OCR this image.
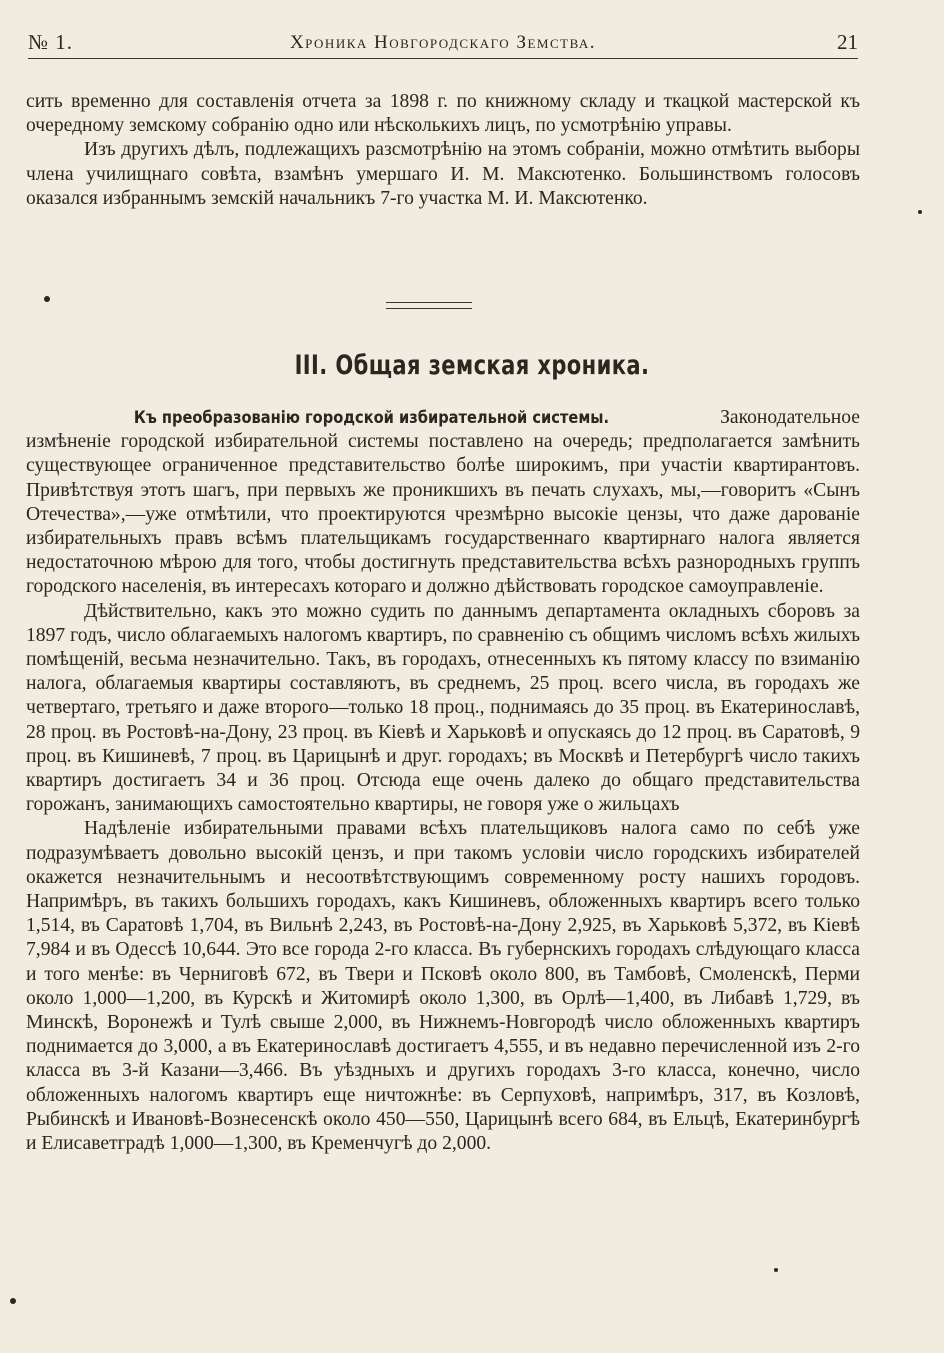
№ 1.	Хроника Новгородскаго Земства.	21

сить временно для составленія отчета за 1898 г. по книжному складу и ткацкой мастерской къ очередному земскому собранію одно или нѣсколькихъ лицъ, по усмотрѣнію управы.

Изъ другихъ дѣлъ, подлежащихъ разсмотрѣнію на этомъ собраніи, можно отмѣтить выборы члена училищнаго совѣта, взамѣнъ умершаго И. М. Максютенко. Большинствомъ голосовъ оказался избраннымъ земскій начальникъ 7-го участка М. И. Максютенко.

III. Общая земская хроника.

Къ преобразованію городской избирательной системы. Законодательное измѣненіе городской избирательной системы поставлено на очередь; предполагается замѣнить существующее ограниченное представительство болѣе широкимъ, при участіи квартирантовъ. Привѣтствуя этотъ шагъ, при первыхъ же проникшихъ въ печать слухахъ, мы,—говоритъ «Сынъ Отечества»,—уже отмѣтили, что проектируются чрезмѣрно высокіе цензы, что даже дарованіе избирательныхъ правъ всѣмъ плательщикамъ государственнаго квартирнаго налога является недостаточною мѣрою для того, чтобы достигнуть представительства всѣхъ разнородныхъ группъ городского населенія, въ интересахъ которaго и должно дѣйствовать городское самоуправленіе.

Дѣйствительно, какъ это можно судить по даннымъ департамента окладныхъ сборовъ за 1897 годъ, число облагаемыхъ налогомъ квартиръ, по сравненію съ общимъ числомъ всѣхъ жилыхъ помѣщеній, весьма незначительно. Такъ, въ городахъ, отнесенныхъ къ пятому классу по взиманію налога, облагаемыя квартиры составляютъ, въ среднемъ, 25 проц. всего числа, въ городахъ же четвертаго, третьяго и даже второго—только 18 проц., поднимаясь до 35 проц. въ Екатеринославѣ, 28 проц. въ Ростовѣ-на-Дону, 23 проц. въ Кіевѣ и Харьковѣ и опускаясь до 12 проц. въ Саратовѣ, 9 проц. въ Кишиневѣ, 7 проц. въ Царицынѣ и друг. городахъ; въ Москвѣ и Петербургѣ число такихъ квартиръ достигаетъ 34 и 36 проц. Отсюда еще очень далеко до общаго представительства горожанъ, занимающихъ самостоятельно квартиры, не говоря уже о жильцахъ

Надѣленіе избирательными правами всѣхъ плательщиковъ налога само по себѣ уже подразумѣваетъ довольно высокій цензъ, и при такомъ условіи число городскихъ избирателей окажется незначительнымъ и несоотвѣтствующимъ современному росту нашихъ городовъ. Напримѣръ, въ такихъ большихъ городахъ, какъ Кишиневъ, обложенныхъ квартиръ всего только 1,514, въ Саратовѣ 1,704, въ Вильнѣ 2,243, въ Ростовѣ-на-Дону 2,925, въ Харьковѣ 5,372, въ Кіевѣ 7,984 и въ Одессѣ 10,644. Это все города 2-го класса. Въ губернскихъ городахъ слѣдующаго класса и того менѣе: въ Черниговѣ 672, въ Твери и Псковѣ около 800, въ Тамбовѣ, Смоленскѣ, Перми около 1,000—1,200, въ Курскѣ и Житомирѣ около 1,300, въ Орлѣ—1,400, въ Либавѣ 1,729, въ Минскѣ, Воронежѣ и Тулѣ свыше 2,000, въ Нижнемъ-Новгородѣ число обложенныхъ квартиръ поднимается до 3,000, а въ Екатеринославѣ достигаетъ 4,555, и въ недавно перечисленной изъ 2-го класса въ 3-й Казани—3,466. Въ уѣздныхъ и другихъ городахъ 3-го класса, конечно, число обложенныхъ налогомъ квартиръ еще ничтожнѣе: въ Серпуховѣ, напримѣръ, 317, въ Козловѣ, Рыбинскѣ и Ивановѣ-Вознесенскѣ около 450—550, Царицынѣ всего 684, въ Ельцѣ, Екатеринбургѣ и Елисаветградѣ 1,000—1,300, въ Кременчугѣ до 2,000.
